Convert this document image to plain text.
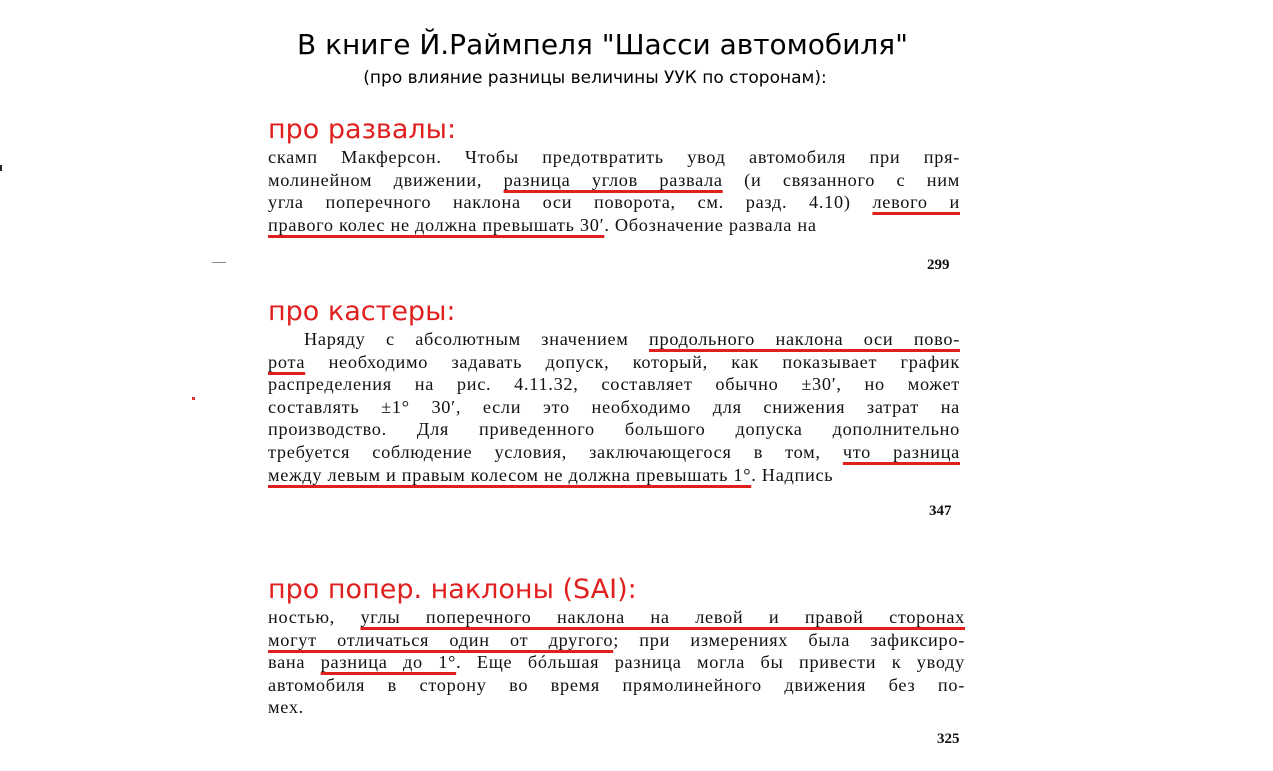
В книге Й.Раймпеля "Шасси автомобиля"
(про влияние разницы величины УУК по сторонам):
про развалы:
скамп Макферсон. Чтобы предотвратить увод автомобиля при пря-
молинейном движении, разница углов развала (и связанного с ним
угла поперечного наклона оси поворота, см. разд. 4.10) левого и
правого колес не должна превышать 30′. Обозначение развала на
299
про кастеры:
Наряду с абсолютным значением продольного наклона оси пово-
рота необходимо задавать допуск, который, как показывает график
распределения на рис. 4.11.32, составляет обычно ±30′, но может
составлять ±1° 30′, если это необходимо для снижения затрат на
производство. Для приведенного большого допуска дополнительно
требуется соблюдение условия, заключающегося в том, что разница
между левым и правым колесом не должна превышать 1°. Надпись
347
про попер. наклоны (SAI):
ностью, углы поперечного наклона на левой и правой сторонах
могут отличаться один от другого; при измерениях была зафиксиро-
вана разница до 1°. Еще бóльшая разница могла бы привести к уводу
автомобиля в сторону во время прямолинейного движения без по-
мех.
325
